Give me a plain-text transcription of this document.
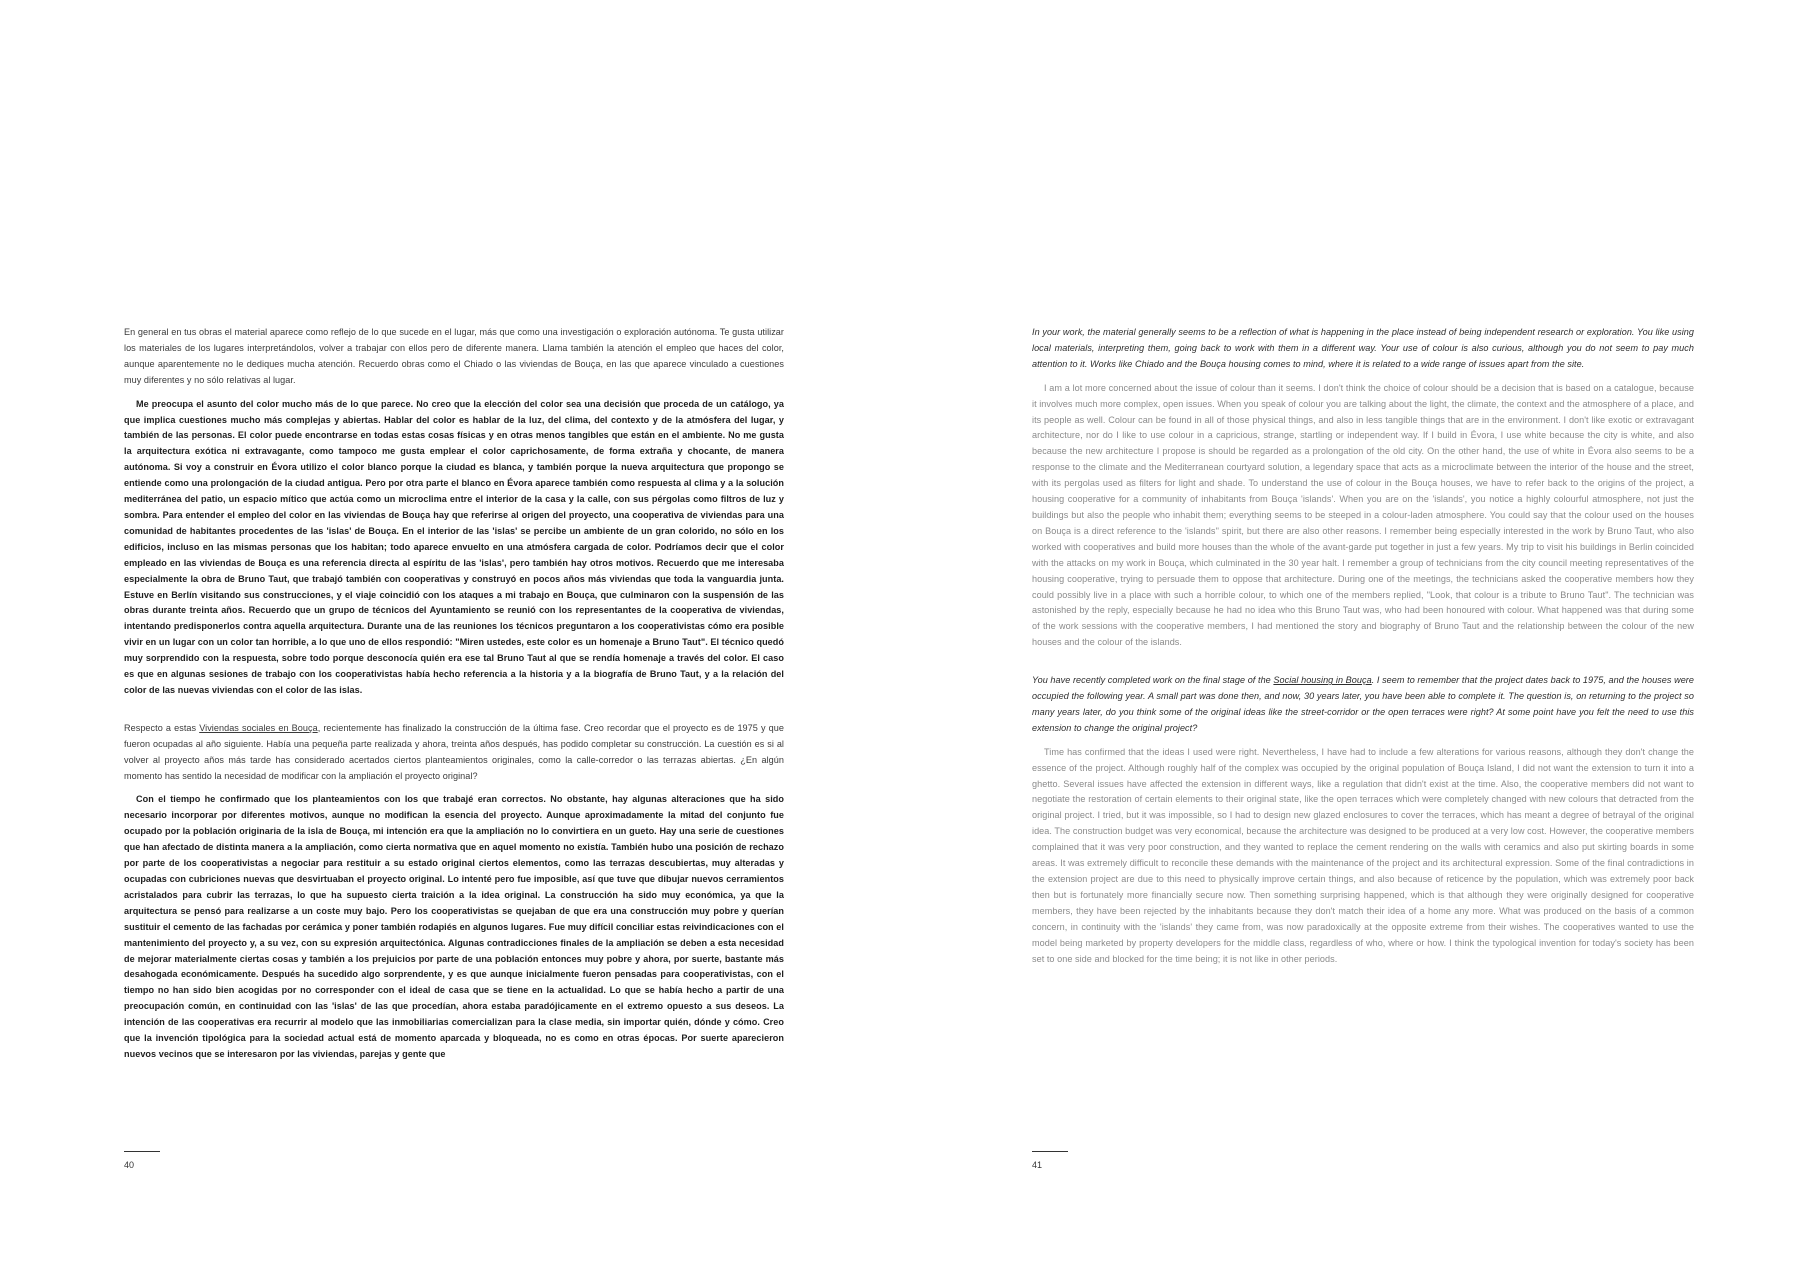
En general en tus obras el material aparece como reflejo de lo que sucede en el lugar, más que como una investigación o exploración autónoma. Te gusta utilizar los materiales de los lugares interpretándolos, volver a trabajar con ellos pero de diferente manera. Llama también la atención el empleo que haces del color, aunque aparentemente no le dediques mucha atención. Recuerdo obras como el Chiado o las viviendas de Bouça, en las que aparece vinculado a cuestiones muy diferentes y no sólo relativas al lugar.

Me preocupa el asunto del color mucho más de lo que parece. No creo que la elección del color sea una decisión que proceda de un catálogo, ya que implica cuestiones mucho más complejas y abiertas. Hablar del color es hablar de la luz, del clima, del contexto y de la atmósfera del lugar, y también de las personas. El color puede encontrarse en todas estas cosas físicas y en otras menos tangibles que están en el ambiente. No me gusta la arquitectura exótica ni extravagante, como tampoco me gusta emplear el color caprichosamente, de forma extraña y chocante, de manera autónoma. Si voy a construir en Évora utilizo el color blanco porque la ciudad es blanca, y también porque la nueva arquitectura que propongo se entiende como una prolongación de la ciudad antigua. Pero por otra parte el blanco en Évora aparece también como respuesta al clima y a la solución mediterránea del patio, un espacio mítico que actúa como un microclima entre el interior de la casa y la calle, con sus pérgolas como filtros de luz y sombra. Para entender el empleo del color en las viviendas de Bouça hay que referirse al origen del proyecto, una cooperativa de viviendas para una comunidad de habitantes procedentes de las 'islas' de Bouça. En el interior de las 'islas' se percibe un ambiente de un gran colorido, no sólo en los edificios, incluso en las mismas personas que los habitan; todo aparece envuelto en una atmósfera cargada de color. Podríamos decir que el color empleado en las viviendas de Bouça es una referencia directa al espíritu de las 'islas', pero también hay otros motivos. Recuerdo que me interesaba especialmente la obra de Bruno Taut, que trabajó también con cooperativas y construyó en pocos años más viviendas que toda la vanguardia junta. Estuve en Berlín visitando sus construcciones, y el viaje coincidió con los ataques a mi trabajo en Bouça, que culminaron con la suspensión de las obras durante treinta años. Recuerdo que un grupo de técnicos del Ayuntamiento se reunió con los representantes de la cooperativa de viviendas, intentando predisponerlos contra aquella arquitectura. Durante una de las reuniones los técnicos preguntaron a los cooperativistas cómo era posible vivir en un lugar con un color tan horrible, a lo que uno de ellos respondió: "Miren ustedes, este color es un homenaje a Bruno Taut". El técnico quedó muy sorprendido con la respuesta, sobre todo porque desconocía quién era ese tal Bruno Taut al que se rendía homenaje a través del color. El caso es que en algunas sesiones de trabajo con los cooperativistas había hecho referencia a la historia y a la biografía de Bruno Taut, y a la relación del color de las nuevas viviendas con el color de las islas.

Respecto a estas Viviendas sociales en Bouça, recientemente has finalizado la construcción de la última fase. Creo recordar que el proyecto es de 1975 y que fueron ocupadas al año siguiente. Había una pequeña parte realizada y ahora, treinta años después, has podido completar su construcción. La cuestión es si al volver al proyecto años más tarde has considerado acertados ciertos planteamientos originales, como la calle-corredor o las terrazas abiertas. ¿En algún momento has sentido la necesidad de modificar con la ampliación el proyecto original?

Con el tiempo he confirmado que los planteamientos con los que trabajé eran correctos. No obstante, hay algunas alteraciones que ha sido necesario incorporar por diferentes motivos, aunque no modifican la esencia del proyecto. Aunque aproximadamente la mitad del conjunto fue ocupado por la población originaria de la isla de Bouça, mi intención era que la ampliación no lo convirtiera en un gueto. Hay una serie de cuestiones que han afectado de distinta manera a la ampliación, como cierta normativa que en aquel momento no existía. También hubo una posición de rechazo por parte de los cooperativistas a negociar para restituir a su estado original ciertos elementos, como las terrazas descubiertas, muy alteradas y ocupadas con cubriciones nuevas que desvirtuaban el proyecto original. Lo intenté pero fue imposible, así que tuve que dibujar nuevos cerramientos acristalados para cubrir las terrazas, lo que ha supuesto cierta traición a la idea original. La construcción ha sido muy económica, ya que la arquitectura se pensó para realizarse a un coste muy bajo. Pero los cooperativistas se quejaban de que era una construcción muy pobre y querían sustituir el cemento de las fachadas por cerámica y poner también rodapiés en algunos lugares. Fue muy difícil conciliar estas reivindicaciones con el mantenimiento del proyecto y, a su vez, con su expresión arquitectónica. Algunas contradicciones finales de la ampliación se deben a esta necesidad de mejorar materialmente ciertas cosas y también a los prejuicios por parte de una población entonces muy pobre y ahora, por suerte, bastante más desahogada económicamente. Después ha sucedido algo sorprendente, y es que aunque inicialmente fueron pensadas para cooperativistas, con el tiempo no han sido bien acogidas por no corresponder con el ideal de casa que se tiene en la actualidad. Lo que se había hecho a partir de una preocupación común, en continuidad con las 'islas' de las que procedían, ahora estaba paradójicamente en el extremo opuesto a sus deseos. La intención de las cooperativas era recurrir al modelo que las inmobiliarias comercializan para la clase media, sin importar quién, dónde y cómo. Creo que la invención tipológica para la sociedad actual está de momento aparcada y bloqueada, no es como en otras épocas. Por suerte aparecieron nuevos vecinos que se interesaron por las viviendas, parejas y gente que

In your work, the material generally seems to be a reflection of what is happening in the place instead of being independent research or exploration. You like using local materials, interpreting them, going back to work with them in a different way. Your use of colour is also curious, although you do not seem to pay much attention to it. Works like Chiado and the Bouça housing comes to mind, where it is related to a wide range of issues apart from the site.

I am a lot more concerned about the issue of colour than it seems. I don't think the choice of colour should be a decision that is based on a catalogue, because it involves much more complex, open issues. When you speak of colour you are talking about the light, the climate, the context and the atmosphere of a place, and its people as well. Colour can be found in all of those physical things, and also in less tangible things that are in the environment. I don't like exotic or extravagant architecture, nor do I like to use colour in a capricious, strange, startling or independent way. If I build in Évora, I use white because the city is white, and also because the new architecture I propose is should be regarded as a prolongation of the old city. On the other hand, the use of white in Évora also seems to be a response to the climate and the Mediterranean courtyard solution, a legendary space that acts as a microclimate between the interior of the house and the street, with its pergolas used as filters for light and shade. To understand the use of colour in the Bouça houses, we have to refer back to the origins of the project, a housing cooperative for a community of inhabitants from Bouça 'islands'. When you are on the 'islands', you notice a highly colourful atmosphere, not just the buildings but also the people who inhabit them; everything seems to be steeped in a colour-laden atmosphere. You could say that the colour used on the houses on Bouça is a direct reference to the 'islands'' spirit, but there are also other reasons. I remember being especially interested in the work by Bruno Taut, who also worked with cooperatives and build more houses than the whole of the avant-garde put together in just a few years. My trip to visit his buildings in Berlin coincided with the attacks on my work in Bouça, which culminated in the 30 year halt. I remember a group of technicians from the city council meeting representatives of the housing cooperative, trying to persuade them to oppose that architecture. During one of the meetings, the technicians asked the cooperative members how they could possibly live in a place with such a horrible colour, to which one of the members replied, "Look, that colour is a tribute to Bruno Taut". The technician was astonished by the reply, especially because he had no idea who this Bruno Taut was, who had been honoured with colour. What happened was that during some of the work sessions with the cooperative members, I had mentioned the story and biography of Bruno Taut and the relationship between the colour of the new houses and the colour of the islands.

You have recently completed work on the final stage of the Social housing in Bouça. I seem to remember that the project dates back to 1975, and the houses were occupied the following year. A small part was done then, and now, 30 years later, you have been able to complete it. The question is, on returning to the project so many years later, do you think some of the original ideas like the street-corridor or the open terraces were right? At some point have you felt the need to use this extension to change the original project?

Time has confirmed that the ideas I used were right. Nevertheless, I have had to include a few alterations for various reasons, although they don't change the essence of the project. Although roughly half of the complex was occupied by the original population of Bouça Island, I did not want the extension to turn it into a ghetto. Several issues have affected the extension in different ways, like a regulation that didn't exist at the time. Also, the cooperative members did not want to negotiate the restoration of certain elements to their original state, like the open terraces which were completely changed with new colours that detracted from the original project. I tried, but it was impossible, so I had to design new glazed enclosures to cover the terraces, which has meant a degree of betrayal of the original idea. The construction budget was very economical, because the architecture was designed to be produced at a very low cost. However, the cooperative members complained that it was very poor construction, and they wanted to replace the cement rendering on the walls with ceramics and also put skirting boards in some areas. It was extremely difficult to reconcile these demands with the maintenance of the project and its architectural expression. Some of the final contradictions in the extension project are due to this need to physically improve certain things, and also because of reticence by the population, which was extremely poor back then but is fortunately more financially secure now. Then something surprising happened, which is that although they were originally designed for cooperative members, they have been rejected by the inhabitants because they don't match their idea of a home any more. What was produced on the basis of a common concern, in continuity with the 'islands' they came from, was now paradoxically at the opposite extreme from their wishes. The cooperatives wanted to use the model being marketed by property developers for the middle class, regardless of who, where or how. I think the typological invention for today's society has been set to one side and blocked for the time being; it is not like in other periods.

40	41
